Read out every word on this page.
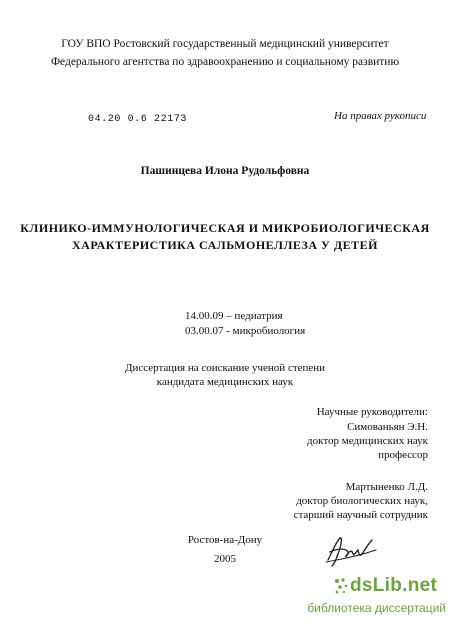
ГОУ ВПО Ростовский государственный медицинский университет
Федерального агентства по здравоохранению и социальному развитию
04.20 0.6 22173	На правах рукописи
Пашинцева Илона Рудольфовна
КЛИНИКО-ИММУНОЛОГИЧЕСКАЯ И МИКРОБИОЛОГИЧЕСКАЯ
ХАРАКТЕРИСТИКА САЛЬМОНЕЛЛЕЗА У ДЕТЕЙ
14.00.09 – педиатрия
03.00.07 - микробиология
Диссертация на соискание ученой степени
кандидата медицинских наук
Научные руководители:
Симованьян Э.Н.
доктор медицинских наук
профессор
Мартыненко Л.Д.
доктор биологических наук,
старший научный сотрудник
Ростов-на-Дону
2005
dsLib.net
библиотека диссертаций
